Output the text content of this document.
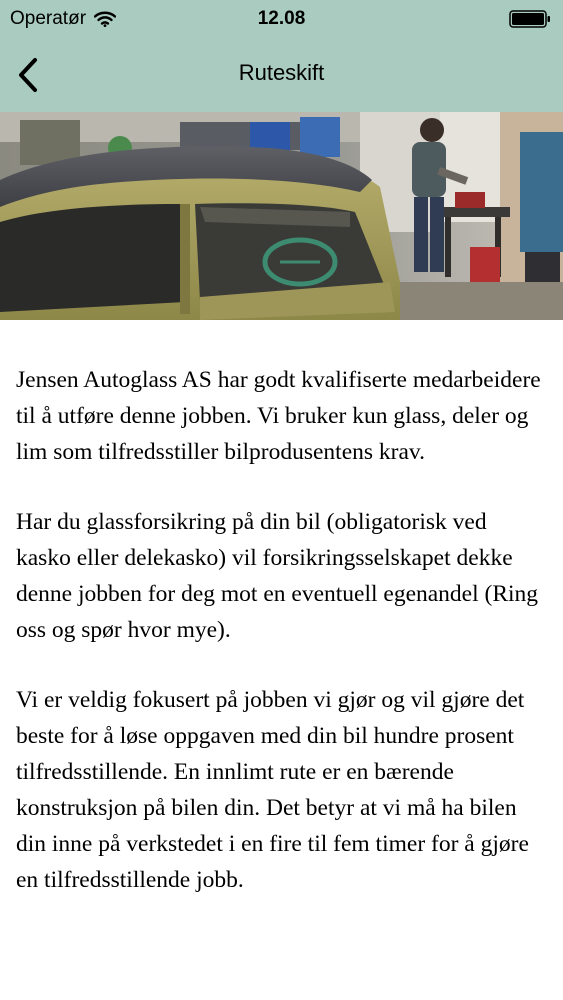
Operatør	12.08
Ruteskift

Jensen Autoglass AS har godt kvalifiserte medarbeidere til å utføre denne jobben. Vi bruker kun glass, deler og lim som tilfredsstiller bilprodusentens krav.

Har du glassforsikring på din bil (obligatorisk ved kasko eller delekasko) vil forsikringsselskapet dekke denne jobben for deg mot en eventuell egenandel (Ring oss og spør hvor mye).

Vi er veldig fokusert på jobben vi gjør og vil gjøre det beste for å løse oppgaven med din bil hundre prosent tilfredsstillende. En innlimt rute er en bærende konstruksjon på bilen din. Det betyr at vi må ha bilen din inne på verkstedet i en fire til fem timer for å gjøre en tilfredsstillende jobb.
